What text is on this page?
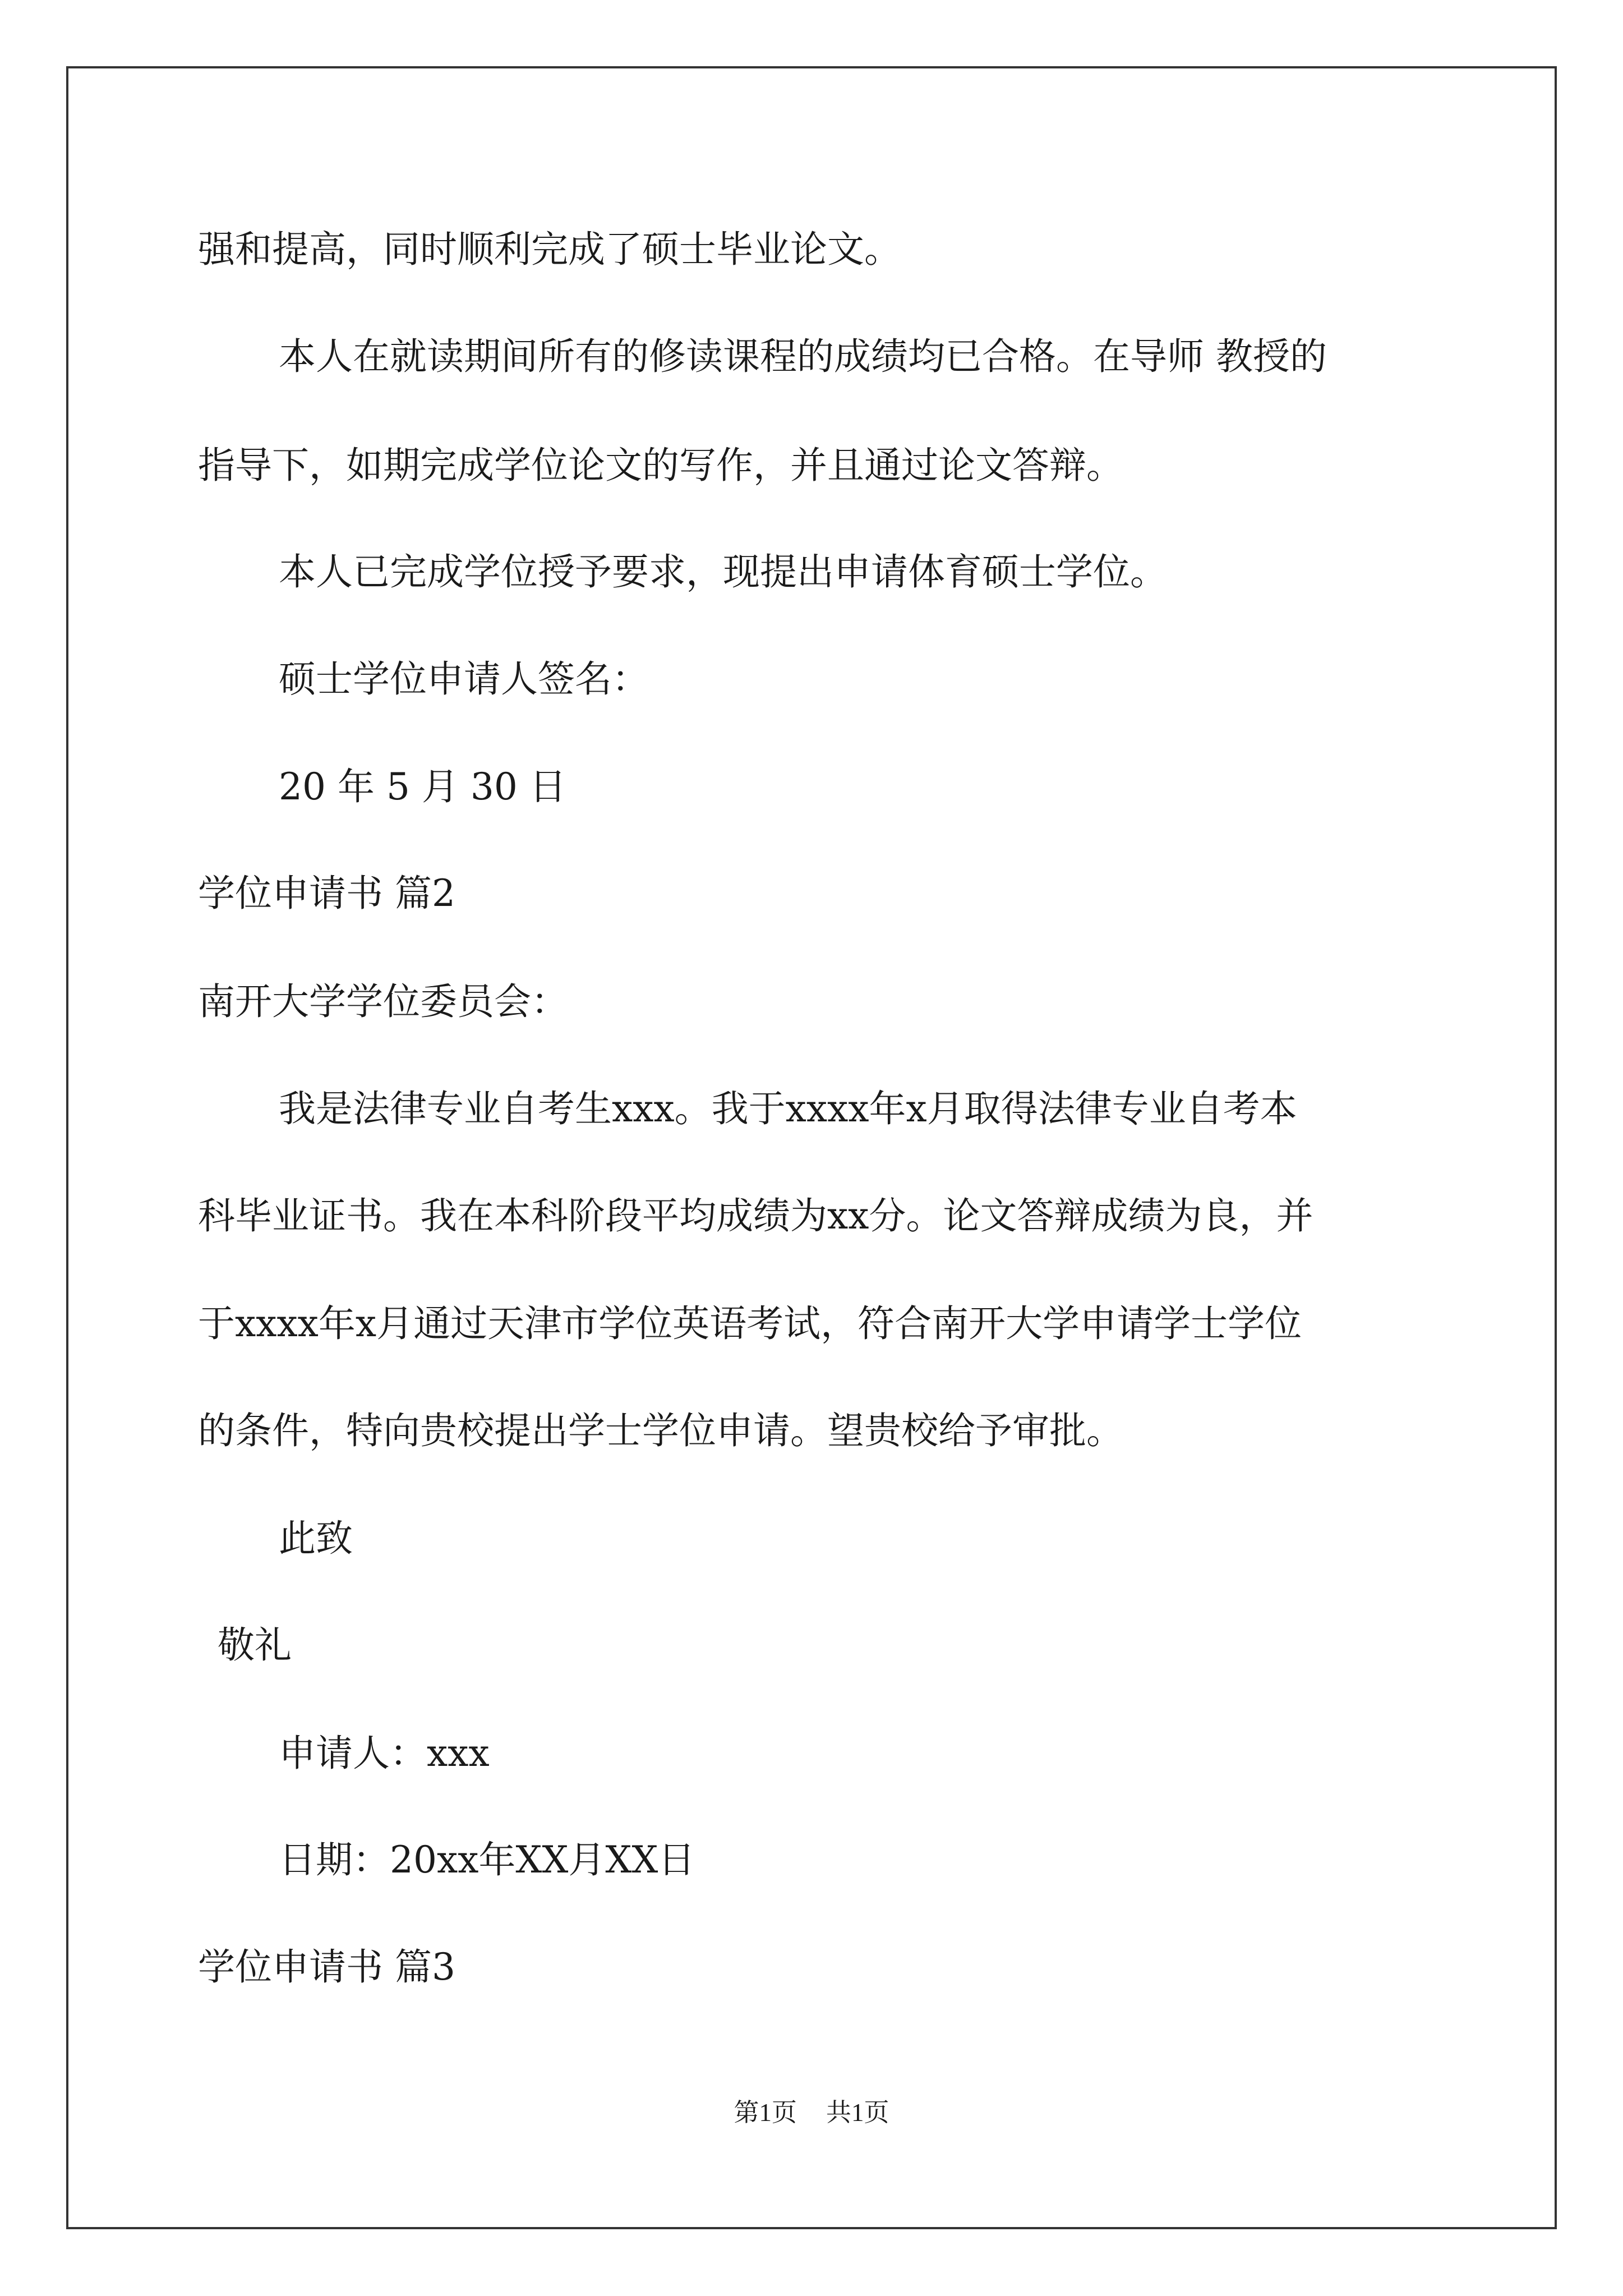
强和提高，同时顺利完成了硕士毕业论文。

本人在就读期间所有的修读课程的成绩均已合格。在导师 教授的

指导下，如期完成学位论文的写作，并且通过论文答辩。

本人已完成学位授予要求，现提出申请体育硕士学位。

硕士学位申请人签名：

20 年 5 月 30 日

学位申请书 篇2

南开大学学位委员会：

我是法律专业自考生xxx。我于xxxx年x月取得法律专业自考本

科毕业证书。我在本科阶段平均成绩为xx分。论文答辩成绩为良，并

于xxxx年x月通过天津市学位英语考试，符合南开大学申请学士学位

的条件，特向贵校提出学士学位申请。望贵校给予审批。

此致

敬礼

申请人：xxx

日期：20xx年XX月XX日

学位申请书 篇3

第1页 共1页
